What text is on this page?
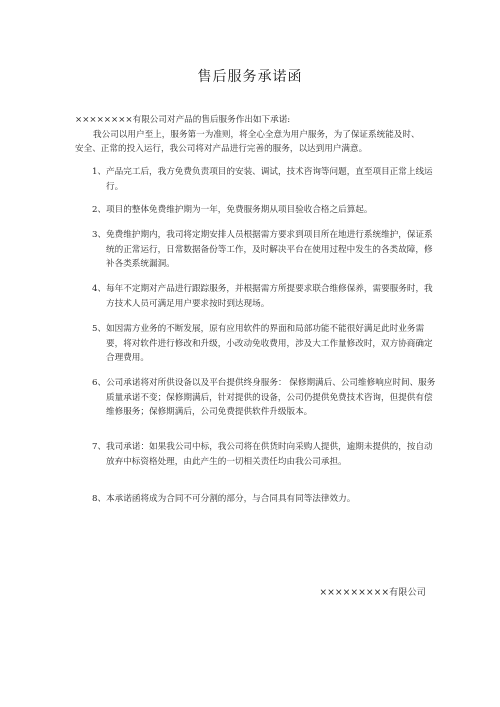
售后服务承诺函
××××××××有限公司对产品的售后服务作出如下承诺:
我公司以用户至上，服务第一为准则，将全心全意为用户服务，为了保证系统能及时、安全、正常的投入运行，我公司将对产品进行完善的服务，以达到用户满意。
1、产品完工后，我方免费负责项目的安装、调试，技术咨询等问题，直至项目正常上线运行。
2、项目的整体免费维护期为一年，免费服务期从项目验收合格之后算起。
3、免费维护期内，我司将定期安排人员根据需方要求到项目所在地进行系统维护，保证系统的正常运行，日常数据备份等工作，及时解决平台在使用过程中发生的各类故障，修补各类系统漏洞。
4、每年不定期对产品进行跟踪服务，并根据需方所提要求联合维修保养，需要服务时，我方技术人员可满足用户要求按时到达现场。
5、如因需方业务的不断发展，原有应用软件的界面和局部功能不能很好满足此时业务需要，将对软件进行修改和升级，小改动免收费用，涉及大工作量修改时，双方协商确定合理费用。
6、公司承诺将对所供设备以及平台提供终身服务： 保修期满后、公司维修响应时间、服务质量承诺不变；保修期满后，针对提供的设备，公司仍提供免费技术咨询，但提供有偿维修服务；保修期满后，公司免费提供软件升级版本。
7、我司承诺：如果我公司中标，我公司将在供货时向采购人提供，逾期未提供的，按自动放弃中标资格处理，由此产生的一切相关责任均由我公司承担。
8、本承诺函将成为合同不可分割的部分，与合同具有同等法律效力。
×××××××××有限公司
